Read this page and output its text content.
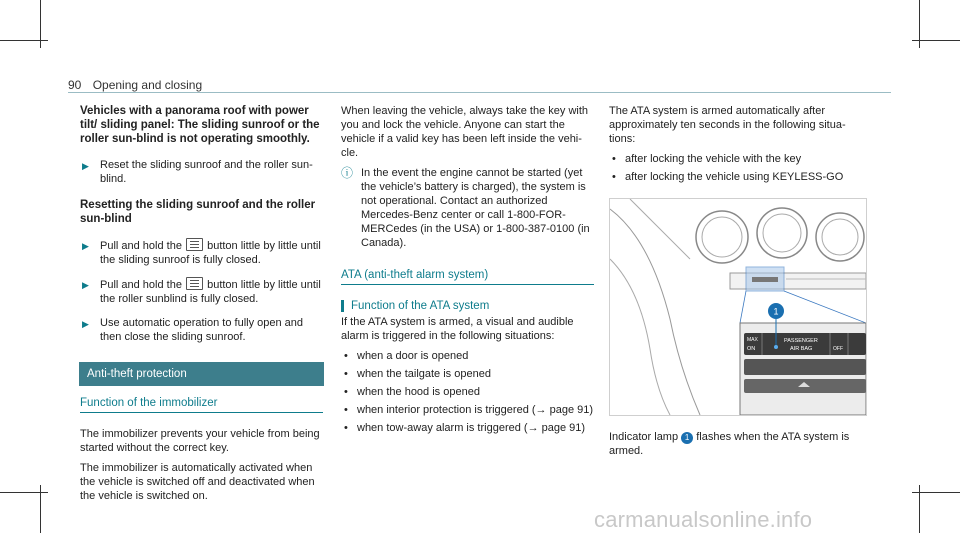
90 Opening and closing
Vehicles with a panorama roof with power tilt/ sliding panel: The sliding sunroof or the roller sun-blind is not operating smoothly.
▶ Reset the sliding sunroof and the roller sun-blind.
Resetting the sliding sunroof and the roller sun-blind
▶ Pull and hold the button little by little until the sliding sunroof is fully closed.
▶ Pull and hold the button little by little until the roller sunblind is fully closed.
▶ Use automatic operation to fully open and then close the sliding sunroof.
Anti-theft protection
Function of the immobilizer

The immobilizer prevents your vehicle from being started without the correct key.

The immobilizer is automatically activated when the vehicle is switched off and deactivated when the vehicle is switched on.

When leaving the vehicle, always take the key with you and lock the vehicle. Anyone can start the vehicle if a valid key has been left inside the vehi-cle.

ⓘ In the event the engine cannot be started (yet the vehicle’s battery is charged), the system is not operational. Contact an authorized Mercedes-Benz center or call 1-800-FOR-MERCedes (in the USA) or 1-800-387-0100 (in Canada).
ATA (anti-theft alarm system)
Function of the ATA system

If the ATA system is armed, a visual and audible alarm is triggered in the following situations:

• when a door is opened
• when the tailgate is opened
• when the hood is opened
• when interior protection is triggered (→ page 91)
• when tow-away alarm is triggered (→ page 91)

The ATA system is armed automatically after approximately ten seconds in the following situa-tions:

• after locking the vehicle with the key
• after locking the vehicle using KEYLESS-GO
MAX
ON
PASSENGER
AIR BAG	OFF
1

Indicator lamp 1 flashes when the ATA system is armed.

carmanualsonline.info
